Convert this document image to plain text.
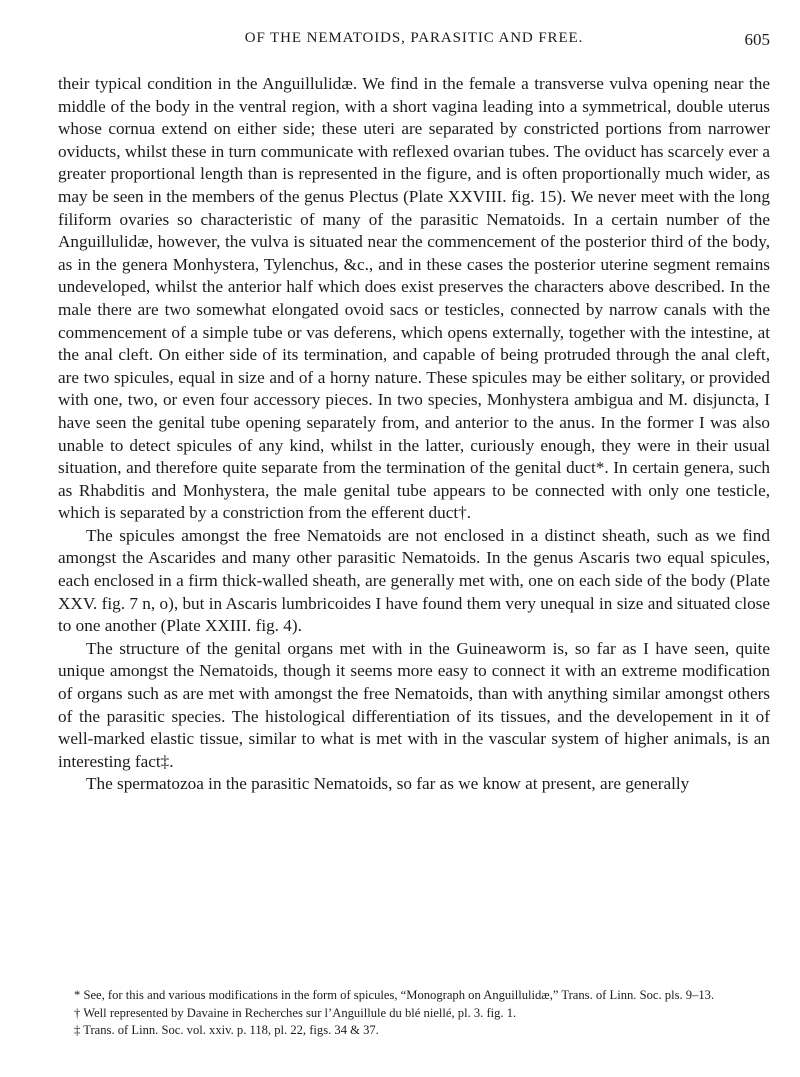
OF THE NEMATOIDS, PARASITIC AND FREE.	605

their typical condition in the Anguillulidæ. We find in the female a transverse vulva opening near the middle of the body in the ventral region, with a short vagina leading into a symmetrical, double uterus whose cornua extend on either side; these uteri are separated by constricted portions from narrower oviducts, whilst these in turn communicate with reflexed ovarian tubes. The oviduct has scarcely ever a greater proportional length than is represented in the figure, and is often proportionally much wider, as may be seen in the members of the genus Plectus (Plate XXVIII. fig. 15). We never meet with the long filiform ovaries so characteristic of many of the parasitic Nematoids. In a certain number of the Anguillulidæ, however, the vulva is situated near the commencement of the posterior third of the body, as in the genera Monhystera, Tylenchus, &c., and in these cases the posterior uterine segment remains undeveloped, whilst the anterior half which does exist preserves the characters above described. In the male there are two somewhat elongated ovoid sacs or testicles, connected by narrow canals with the commencement of a simple tube or vas deferens, which opens externally, together with the intestine, at the anal cleft. On either side of its termination, and capable of being protruded through the anal cleft, are two spicules, equal in size and of a horny nature. These spicules may be either solitary, or provided with one, two, or even four accessory pieces. In two species, Monhystera ambigua and M. disjuncta, I have seen the genital tube opening separately from, and anterior to the anus. In the former I was also unable to detect spicules of any kind, whilst in the latter, curiously enough, they were in their usual situation, and therefore quite separate from the termination of the genital duct*. In certain genera, such as Rhabditis and Monhystera, the male genital tube appears to be connected with only one testicle, which is separated by a constriction from the efferent duct†.

The spicules amongst the free Nematoids are not enclosed in a distinct sheath, such as we find amongst the Ascarides and many other parasitic Nematoids. In the genus Ascaris two equal spicules, each enclosed in a firm thick-walled sheath, are generally met with, one on each side of the body (Plate XXV. fig. 7 n, o), but in Ascaris lumbricoides I have found them very unequal in size and situated close to one another (Plate XXIII. fig. 4).

The structure of the genital organs met with in the Guineaworm is, so far as I have seen, quite unique amongst the Nematoids, though it seems more easy to connect it with an extreme modification of organs such as are met with amongst the free Nematoids, than with anything similar amongst others of the parasitic species. The histological differentiation of its tissues, and the developement in it of well-marked elastic tissue, similar to what is met with in the vascular system of higher animals, is an interesting fact‡.

The spermatozoa in the parasitic Nematoids, so far as we know at present, are generally

* See, for this and various modifications in the form of spicules, “Monograph on Anguillulidæ,” Trans. of Linn. Soc. pls. 9–13.

† Well represented by Davaine in Recherches sur l’Anguillule du blé niellé, pl. 3. fig. 1.

‡ Trans. of Linn. Soc. vol. xxiv. p. 118, pl. 22, figs. 34 & 37.
